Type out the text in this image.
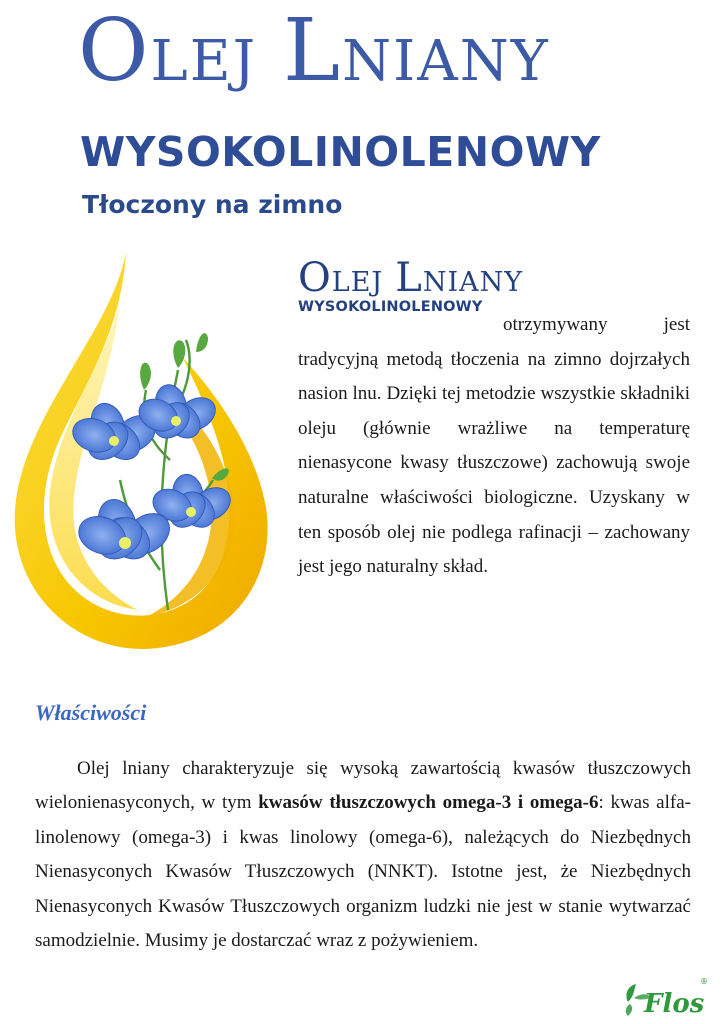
OLEJ LNIANY
WYSOKOLINOLENOWY
Tłoczony na zimno
OLEJ LNIANY
WYSOKOLINOLENOWY

otrzymywany jest tradycyjną metodą tłoczenia na zimno dojrzałych nasion lnu. Dzięki tej metodzie wszystkie składniki oleju (głównie wrażliwe na temperaturę nienasycone kwasy tłuszczowe) zachowują swoje naturalne właściwości biologiczne. Uzyskany w ten sposób olej nie podlega rafinacji – zachowany jest jego naturalny skład.

Właściwości

Olej lniany charakteryzuje się wysoką zawartością kwasów tłuszczowych wielonienasyconych, w tym kwasów tłuszczowych omega-3 i omega-6: kwas alfa-linolenowy (omega-3) i kwas linolowy (omega-6), należących do Niezbędnych Nienasyconych Kwasów Tłuszczowych (NNKT). Istotne jest, że Niezbędnych Nienasyconych Kwasów Tłuszczowych organizm ludzki nie jest w stanie wytwarzać samodzielnie. Musimy je dostarczać wraz z pożywieniem.

Flos
®
